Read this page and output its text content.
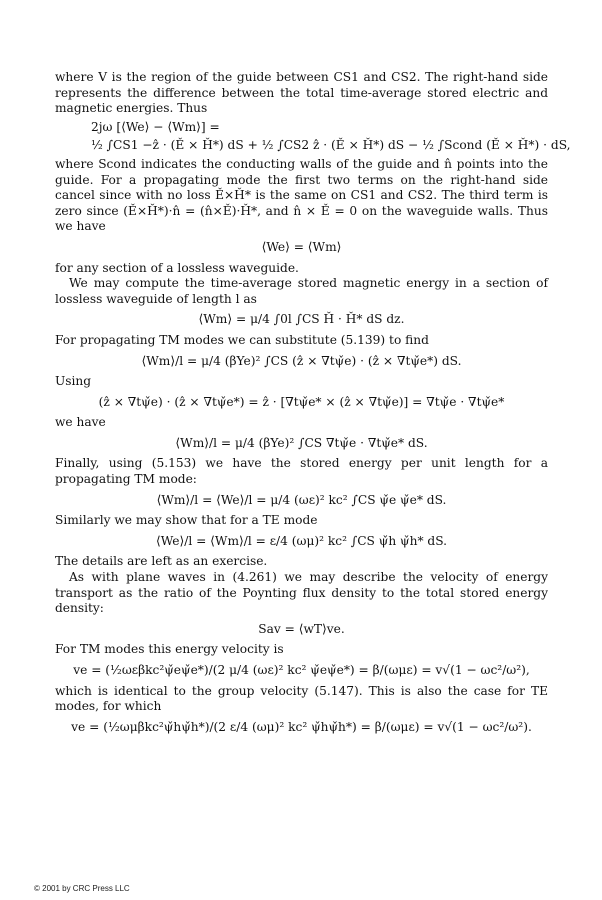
where V is the region of the guide between CS1 and CS2. The right-hand side represents the difference between the total time-average stored electric and magnetic energies. Thus

2jω [⟨We⟩ − ⟨Wm⟩] =
½ ∫CS1 −ẑ · (Ě × Ȟ*) dS + ½ ∫CS2 ẑ · (Ě × Ȟ*) dS − ½ ∫Scond (Ě × Ȟ*) · dS,

where Scond indicates the conducting walls of the guide and n̂ points into the guide. For a propagating mode the first two terms on the right-hand side cancel since with no loss Ě×Ȟ* is the same on CS1 and CS2. The third term is zero since (Ě×Ȟ*)·n̂ = (n̂×Ě)·Ȟ*, and n̂ × Ě = 0 on the waveguide walls. Thus we have

⟨We⟩ = ⟨Wm⟩

for any section of a lossless waveguide.

We may compute the time-average stored magnetic energy in a section of lossless waveguide of length l as

⟨Wm⟩ = μ/4 ∫0l ∫CS Ȟ · Ȟ* dS dz.

For propagating TM modes we can substitute (5.139) to find

⟨Wm⟩/l = μ/4 (βYe)² ∫CS (ẑ × ∇tψ̌e) · (ẑ × ∇tψ̌e*) dS.

Using

(ẑ × ∇tψ̌e) · (ẑ × ∇tψ̌e*) = ẑ · [∇tψ̌e* × (ẑ × ∇tψ̌e)] = ∇tψ̌e · ∇tψ̌e*

we have

⟨Wm⟩/l = μ/4 (βYe)² ∫CS ∇tψ̌e · ∇tψ̌e* dS.

Finally, using (5.153) we have the stored energy per unit length for a propagating TM mode:

⟨Wm⟩/l = ⟨We⟩/l = μ/4 (ωε)² kc² ∫CS ψ̌e ψ̌e* dS.

Similarly we may show that for a TE mode

⟨We⟩/l = ⟨Wm⟩/l = ε/4 (ωμ)² kc² ∫CS ψ̌h ψ̌h* dS.

The details are left as an exercise.

As with plane waves in (4.261) we may describe the velocity of energy transport as the ratio of the Poynting flux density to the total stored energy density:

Sav = ⟨wT⟩ve.

For TM modes this energy velocity is

ve = (½ωεβkc²ψ̌eψ̌e*)/(2 μ/4 (ωε)² kc² ψ̌eψ̌e*) = β/(ωμε) = v√(1 − ωc²/ω²),

which is identical to the group velocity (5.147). This is also the case for TE modes, for which

ve = (½ωμβkc²ψ̌hψ̌h*)/(2 ε/4 (ωμ)² kc² ψ̌hψ̌h*) = β/(ωμε) = v√(1 − ωc²/ω²).
© 2001 by CRC Press LLC
